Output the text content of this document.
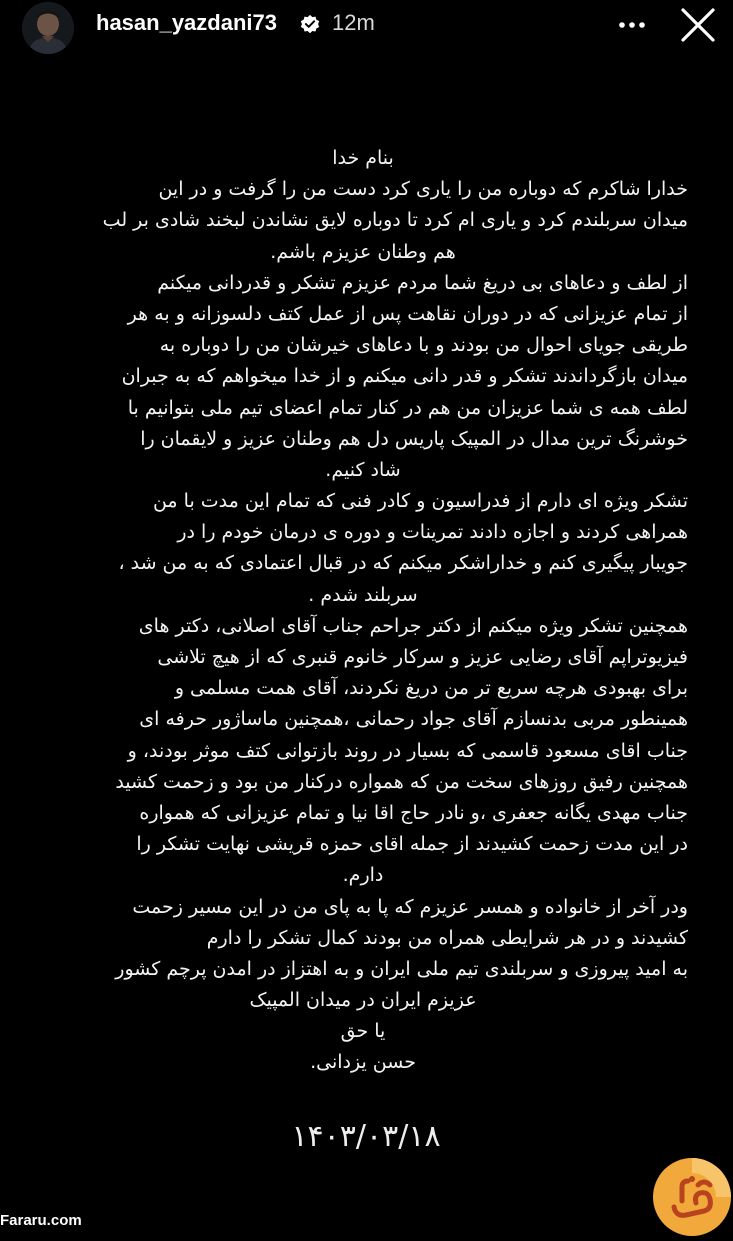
hasan_yazdani73	12m
بنام خدا
خدارا شاکرم که دوباره من را یاری کرد دست من را گرفت و در این
میدان سربلندم کرد و یاری ام کرد تا دوباره لایق نشاندن لبخند شادی بر لب
هم وطنان عزیزم باشم.
از لطف و دعاهای بی دریغ شما مردم عزیزم تشکر و قدردانی میکنم
از تمام عزیزانی که در دوران نقاهت پس از عمل کتف دلسوزانه و به هر
طریقی جویای احوال من بودند و با دعاهای خیرشان من را دوباره به
میدان بازگرداندند تشکر و قدر دانی میکنم و از خدا میخواهم که به جبران
لطف همه ی شما عزیزان من هم در کنار تمام اعضای تیم ملی بتوانیم با
خوشرنگ ترین مدال در المپیک پاریس دل هم وطنان عزیز و لایقمان را
شاد کنیم.
تشکر ویژه ای دارم از فدراسیون و کادر فنی که تمام این مدت با من
همراهی کردند و اجازه دادند تمرینات و دوره ی درمان خودم را در
جویبار پیگیری کنم و خداراشکر میکنم که در قبال اعتمادی که به من شد ،
سربلند شدم .
همچنین تشکر ویژه میکنم از دکتر جراحم جناب آقای اصلانی، دکتر های
فیزیوتراپم آقای رضایی عزیز و سرکار خانوم قنبری که از هیچ تلاشی
برای بهبودی هرچه سریع تر من دریغ نکردند، آقای همت مسلمی و
همینطور مربی بدنسازم آقای جواد رحمانی ،همچنین ماساژور حرفه ای
جناب اقای مسعود قاسمی که بسیار در روند بازتوانی کتف موثر بودند، و
همچنین رفیق روزهای سخت من که همواره درکنار من بود و زحمت کشید
جناب مهدی یگانه جعفری ،و نادر حاج اقا نیا و تمام عزیزانی که همواره
در این مدت زحمت کشیدند از جمله اقای حمزه قریشی نهایت تشکر را
دارم.
ودر آخر از خانواده و همسر عزیزم که پا به پای من در این مسیر زحمت
کشیدند و در هر شرایطی همراه من بودند کمال تشکر را دارم
به امید پیروزی و سربلندی تیم ملی ایران و به اهتزاز در امدن پرچم کشور
عزیزم ایران در میدان المپیک
یا حق
حسن یزدانی.
۱۴۰۳/۰۳/۱۸
Fararu.com
